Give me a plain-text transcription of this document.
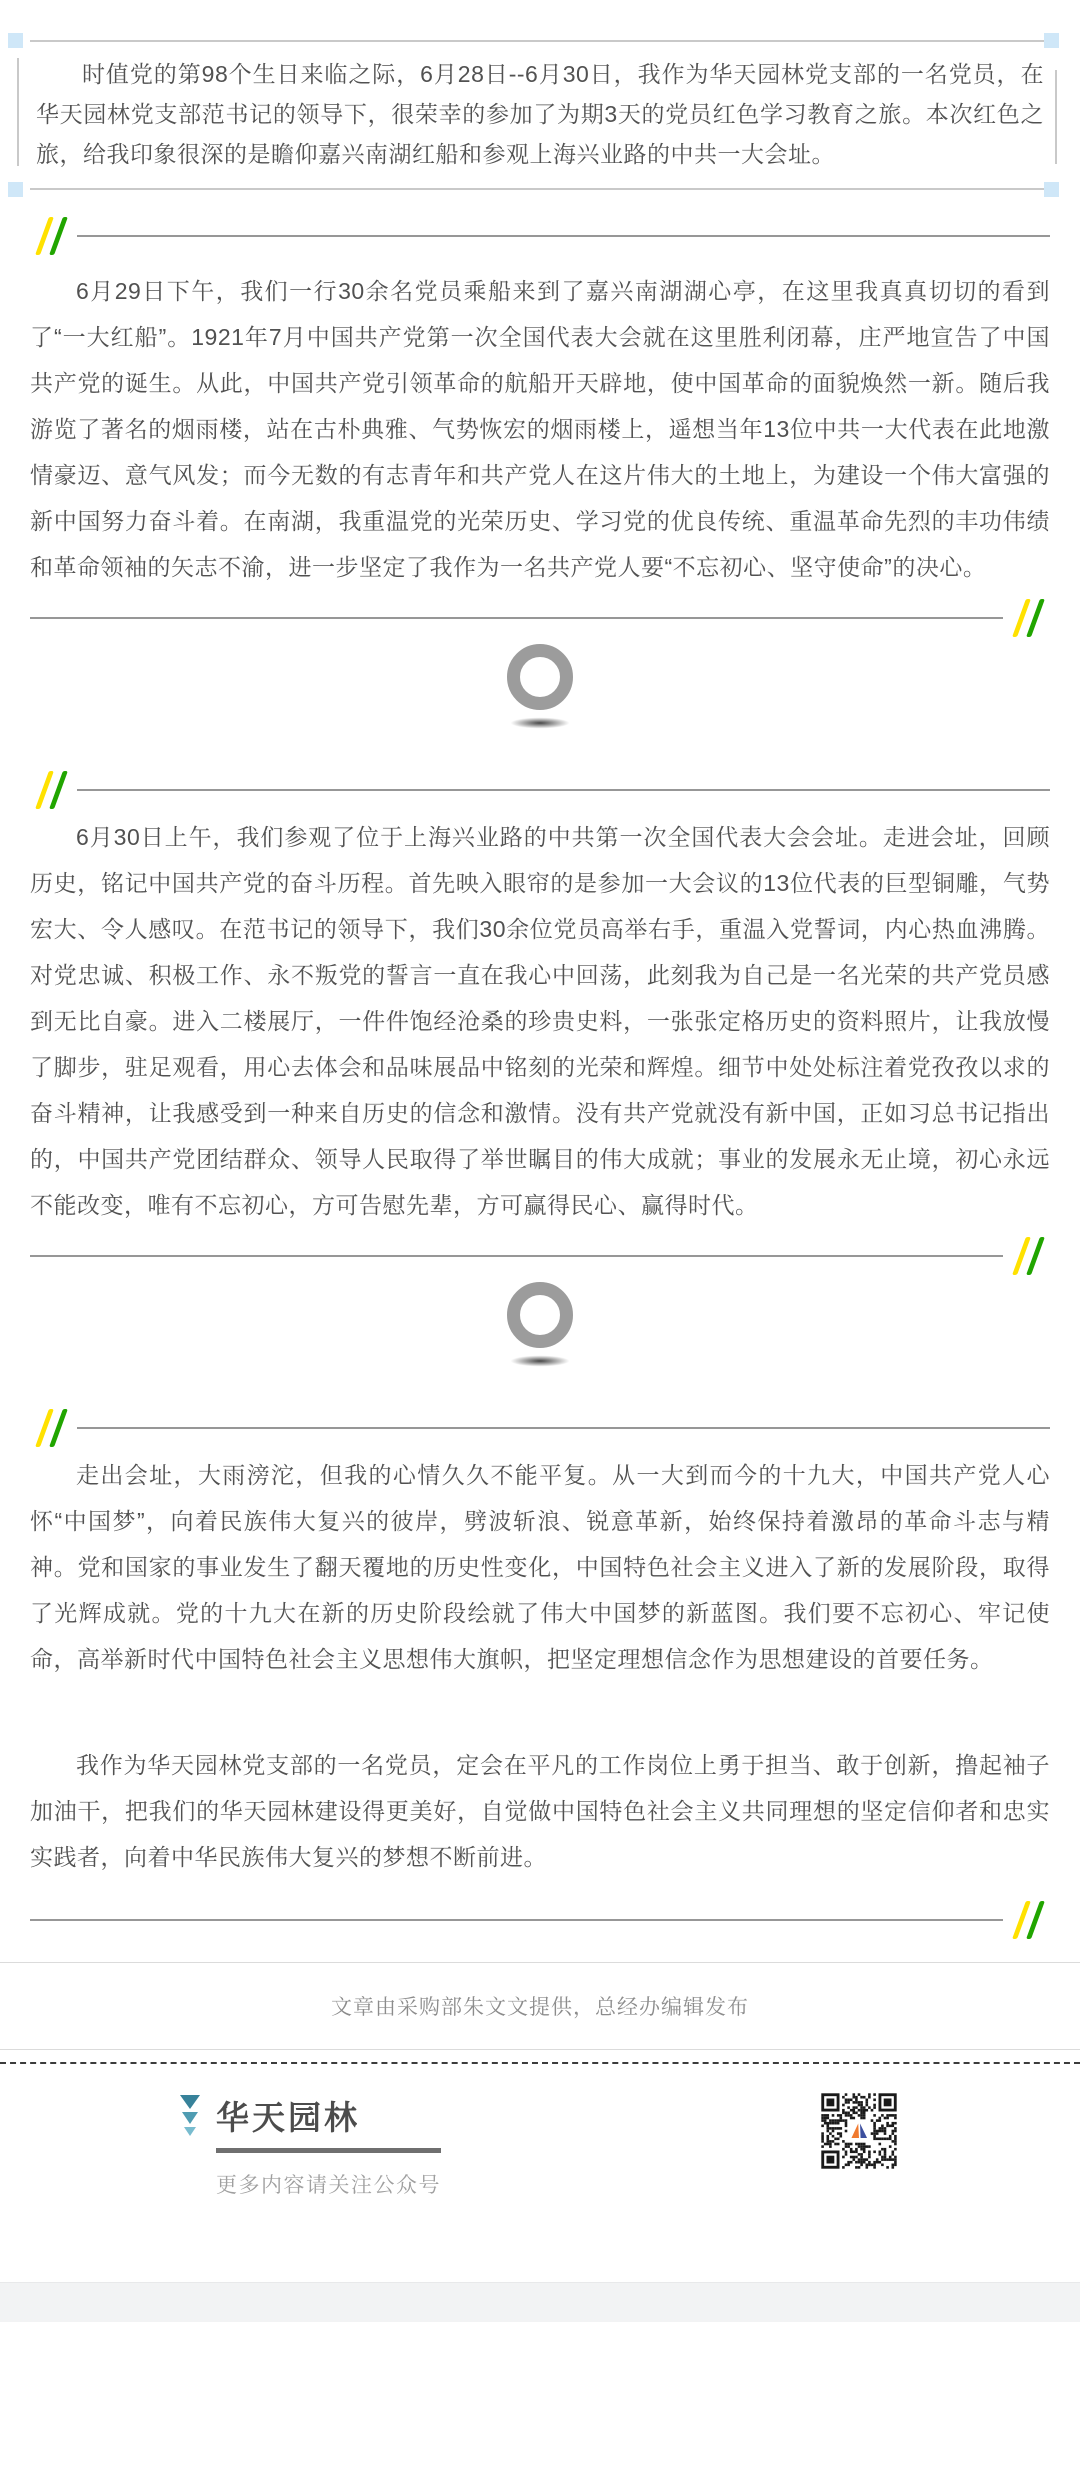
时值党的第98个生日来临之际，6月28日--6月30日，我作为华天园林党支部的一名党员，在华天园林党支部范书记的领导下，很荣幸的参加了为期3天的党员红色学习教育之旅。本次红色之旅，给我印象很深的是瞻仰嘉兴南湖红船和参观上海兴业路的中共一大会址。

6月29日下午，我们一行30余名党员乘船来到了嘉兴南湖湖心亭，在这里我真真切切的看到了“一大红船”。1921年7月中国共产党第一次全国代表大会就在这里胜利闭幕，庄严地宣告了中国共产党的诞生。从此，中国共产党引领革命的航船开天辟地，使中国革命的面貌焕然一新。随后我游览了著名的烟雨楼，站在古朴典雅、气势恢宏的烟雨楼上，遥想当年13位中共一大代表在此地激情豪迈、意气风发；而今无数的有志青年和共产党人在这片伟大的土地上，为建设一个伟大富强的新中国努力奋斗着。在南湖，我重温党的光荣历史、学习党的优良传统、重温革命先烈的丰功伟绩和革命领袖的矢志不渝，进一步坚定了我作为一名共产党人要“不忘初心、坚守使命”的决心。

6月30日上午，我们参观了位于上海兴业路的中共第一次全国代表大会会址。走进会址，回顾历史，铭记中国共产党的奋斗历程。首先映入眼帘的是参加一大会议的13位代表的巨型铜雕，气势宏大、令人感叹。在范书记的领导下，我们30余位党员高举右手，重温入党誓词，内心热血沸腾。对党忠诚、积极工作、永不叛党的誓言一直在我心中回荡，此刻我为自己是一名光荣的共产党员感到无比自豪。进入二楼展厅，一件件饱经沧桑的珍贵史料，一张张定格历史的资料照片，让我放慢了脚步，驻足观看，用心去体会和品味展品中铭刻的光荣和辉煌。细节中处处标注着党孜孜以求的奋斗精神，让我感受到一种来自历史的信念和激情。没有共产党就没有新中国，正如习总书记指出的，中国共产党团结群众、领导人民取得了举世瞩目的伟大成就；事业的发展永无止境，初心永远不能改变，唯有不忘初心，方可告慰先辈，方可赢得民心、赢得时代。

走出会址，大雨滂沱，但我的心情久久不能平复。从一大到而今的十九大，中国共产党人心怀“中国梦”，向着民族伟大复兴的彼岸，劈波斩浪、锐意革新，始终保持着激昂的革命斗志与精神。党和国家的事业发生了翻天覆地的历史性变化，中国特色社会主义进入了新的发展阶段，取得了光辉成就。党的十九大在新的历史阶段绘就了伟大中国梦的新蓝图。我们要不忘初心、牢记使命，高举新时代中国特色社会主义思想伟大旗帜，把坚定理想信念作为思想建设的首要任务。

我作为华天园林党支部的一名党员，定会在平凡的工作岗位上勇于担当、敢于创新，撸起袖子加油干，把我们的华天园林建设得更美好，自觉做中国特色社会主义共同理想的坚定信仰者和忠实实践者，向着中华民族伟大复兴的梦想不断前进。

文章由采购部朱文文提供，总经办编辑发布
华天园林
更多内容请关注公众号
